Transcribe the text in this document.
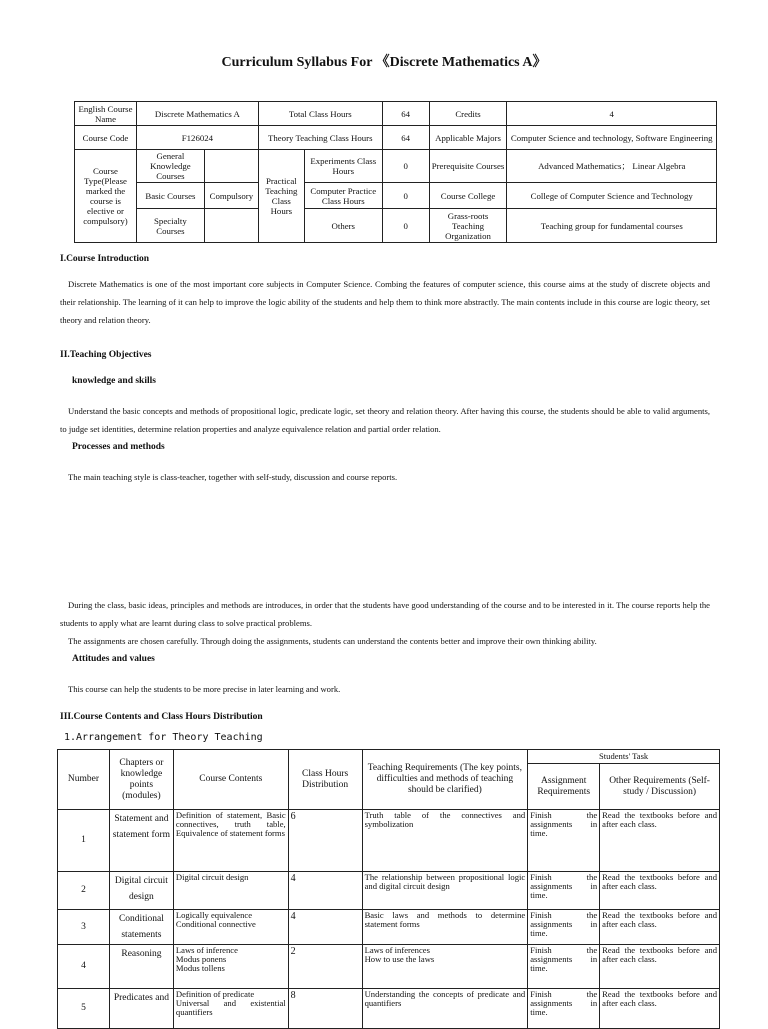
Curriculum Syllabus For 《Discrete Mathematics A》
English Course Name	Discrete Mathematics A		Total Class Hours		64	Credits	4
Course Code	F126024		Theory Teaching Class Hours		64	Applicable Majors	Computer Science and technology, Software Engineering
Course Type(Please marked the course is elective or compulsory)	General Knowledge Courses		Practical Teaching Class Hours	Experiments Class Hours	0	Prerequisite Courses	Advanced Mathematics； Linear Algebra
	Basic Courses	Compulsory		Computer Practice Class Hours	0	Course College	College of Computer Science and Technology
	Specialty Courses			Others	0	Grass-roots Teaching Organization	Teaching group for fundamental courses
I.Course Introduction
Discrete Mathematics is one of the most important core subjects in Computer Science. Combing the features of computer science, this course aims at the study of discrete objects and their relationship. The learning of it can help to improve the logic ability of the students and help them to think more abstractly. The main contents include in this course are logic theory, set theory and relation theory.
II.Teaching Objectives
knowledge and skills
Understand the basic concepts and methods of propositional logic, predicate logic, set theory and relation theory. After having this course, the students should be able to valid arguments, to judge set identities, determine relation properties and analyze equivalence relation and partial order relation.
Processes and methods
The main teaching style is class-teacher, together with self-study, discussion and course reports.
During the class, basic ideas, principles and methods are introduces, in order that the students have good understanding of the course and to be interested in it. The course reports help the students to apply what are learnt during class to solve practical problems.
The assignments are chosen carefully. Through doing the assignments, students can understand the contents better and improve their own thinking ability.
Attitudes and values
This course can help the students to be more precise in later learning and work.
III.Course Contents and Class Hours Distribution
1.Arrangement for Theory Teaching
Number	Chapters or knowledge points (modules)	Course Contents	Class Hours Distribution	Teaching Requirements (The key points, difficulties and methods of teaching should be clarified)	Students' Task	
					Assignment Requirements	Other Requirements (Self-study / Discussion)
1	Statement and statement form	Definition of statement, Basic connectives, truth table, Equivalence of statement forms	6	Truth table of the connectives and symbolization	Finish the assignments in time.	Read the textbooks before and after each class.
2	Digital circuit design	Digital circuit design	4	The relationship between propositional logic and digital circuit design	Finish the assignments in time.	Read the textbooks before and after each class.
3	Conditional statements	Logically equivalence
Conditional connective	4	Basic laws and methods to determine statement forms	Finish the assignments in time.	Read the textbooks before and after each class.
4	Reasoning	Laws of inference
Modus ponens
Modus tollens	2	Laws of inferences
How to use the laws	Finish the assignments in time.	Read the textbooks before and after each class.
5	Predicates and	Definition of predicate
Universal and existential quantifiers	8	Understanding the concepts of predicate and quantifiers	Finish the assignments in time.	Read the textbooks before and after each class.
